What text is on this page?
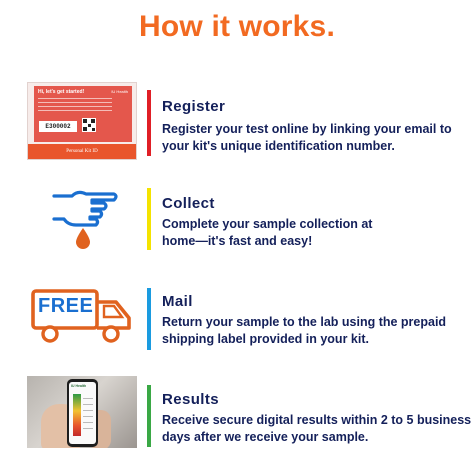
How it works.
Hi, let's get started!	IU Health
E300002
Personal Kit ID
Register
Register your test online by linking your email to your kit's unique identification number.
Collect
Complete your sample collection at home—it's fast and easy!
FREE	Mail
Return your sample to the lab using the prepaid shipping label provided in your kit.
IU Health
Results
Receive secure digital results within 2 to 5 business days after we receive your sample.
